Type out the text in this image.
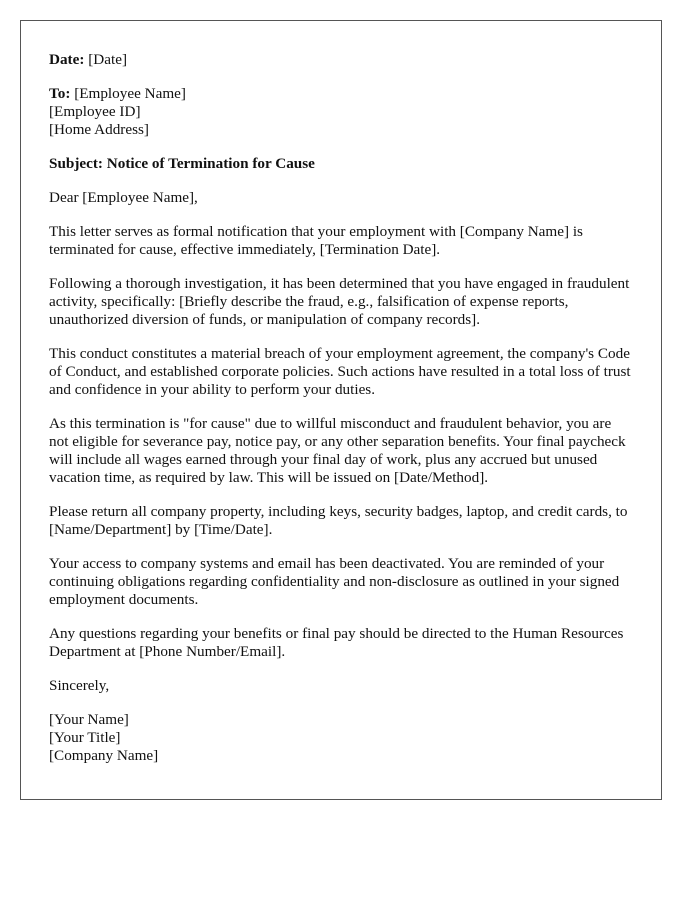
Date: [Date]

To: [Employee Name]
[Employee ID]
[Home Address]

Subject: Notice of Termination for Cause

Dear [Employee Name],

This letter serves as formal notification that your employment with [Company Name] is terminated for cause, effective immediately, [Termination Date].

Following a thorough investigation, it has been determined that you have engaged in fraudulent activity, specifically: [Briefly describe the fraud, e.g., falsification of expense reports, unauthorized diversion of funds, or manipulation of company records].

This conduct constitutes a material breach of your employment agreement, the company's Code of Conduct, and established corporate policies. Such actions have resulted in a total loss of trust and confidence in your ability to perform your duties.

As this termination is "for cause" due to willful misconduct and fraudulent behavior, you are not eligible for severance pay, notice pay, or any other separation benefits. Your final paycheck will include all wages earned through your final day of work, plus any accrued but unused vacation time, as required by law. This will be issued on [Date/Method].

Please return all company property, including keys, security badges, laptop, and credit cards, to [Name/Department] by [Time/Date].

Your access to company systems and email has been deactivated. You are reminded of your continuing obligations regarding confidentiality and non-disclosure as outlined in your signed employment documents.

Any questions regarding your benefits or final pay should be directed to the Human Resources Department at [Phone Number/Email].

Sincerely,

[Your Name]
[Your Title]
[Company Name]
